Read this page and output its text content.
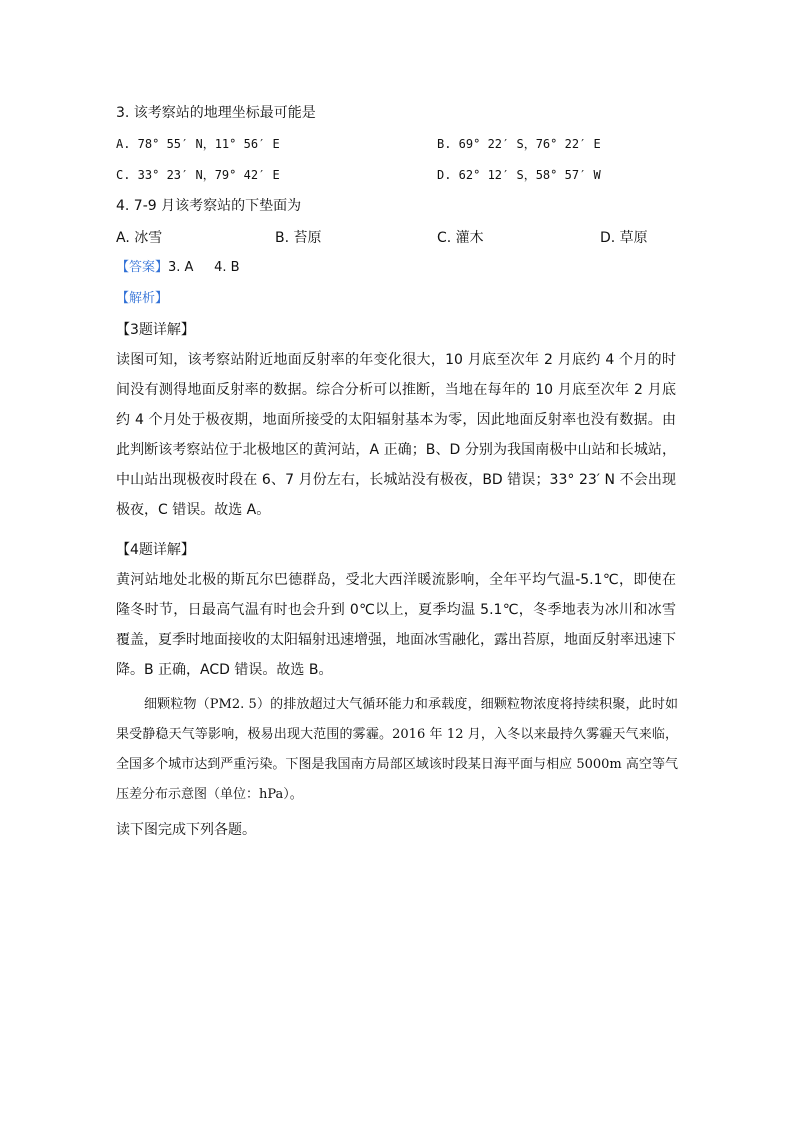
3. 该考察站的地理坐标最可能是
A. 78° 55′ N，11° 56′ E	B. 69° 22′ S，76° 22′ E
C. 33° 23′ N，79° 42′ E	D. 62° 12′ S，58° 57′ W
4. 7-9 月该考察站的下垫面为
A. 冰雪	B. 苔原	C. 灌木	D. 草原
【答案】3. A     4. B
【解析】
【3题详解】
读图可知，该考察站附近地面反射率的年变化很大，10 月底至次年 2 月底约 4 个月的时间没有测得地面反射率的数据。综合分析可以推断，当地在每年的 10 月底至次年 2 月底约 4 个月处于极夜期，地面所接受的太阳辐射基本为零，因此地面反射率也没有数据。由此判断该考察站位于北极地区的黄河站，A 正确；B、D 分别为我国南极中山站和长城站，中山站出现极夜时段在 6、7 月份左右，长城站没有极夜，BD 错误；33° 23′ N 不会出现极夜，C 错误。故选 A。
【4题详解】
黄河站地处北极的斯瓦尔巴德群岛，受北大西洋暖流影响，全年平均气温-5.1℃，即使在隆冬时节，日最高气温有时也会升到 0℃以上，夏季均温 5.1℃，冬季地表为冰川和冰雪覆盖，夏季时地面接收的太阳辐射迅速增强，地面冰雪融化，露出苔原，地面反射率迅速下降。B 正确，ACD 错误。故选 B。
细颗粒物（PM2. 5）的排放超过大气循环能力和承载度，细颗粒物浓度将持续积聚，此时如果受静稳天气等影响，极易出现大范围的雾霾。2016 年 12 月，入冬以来最持久雾霾天气来临，全国多个城市达到严重污染。下图是我国南方局部区域该时段某日海平面与相应 5000m 高空等气压差分布示意图（单位：hPa）。
读下图完成下列各题。
